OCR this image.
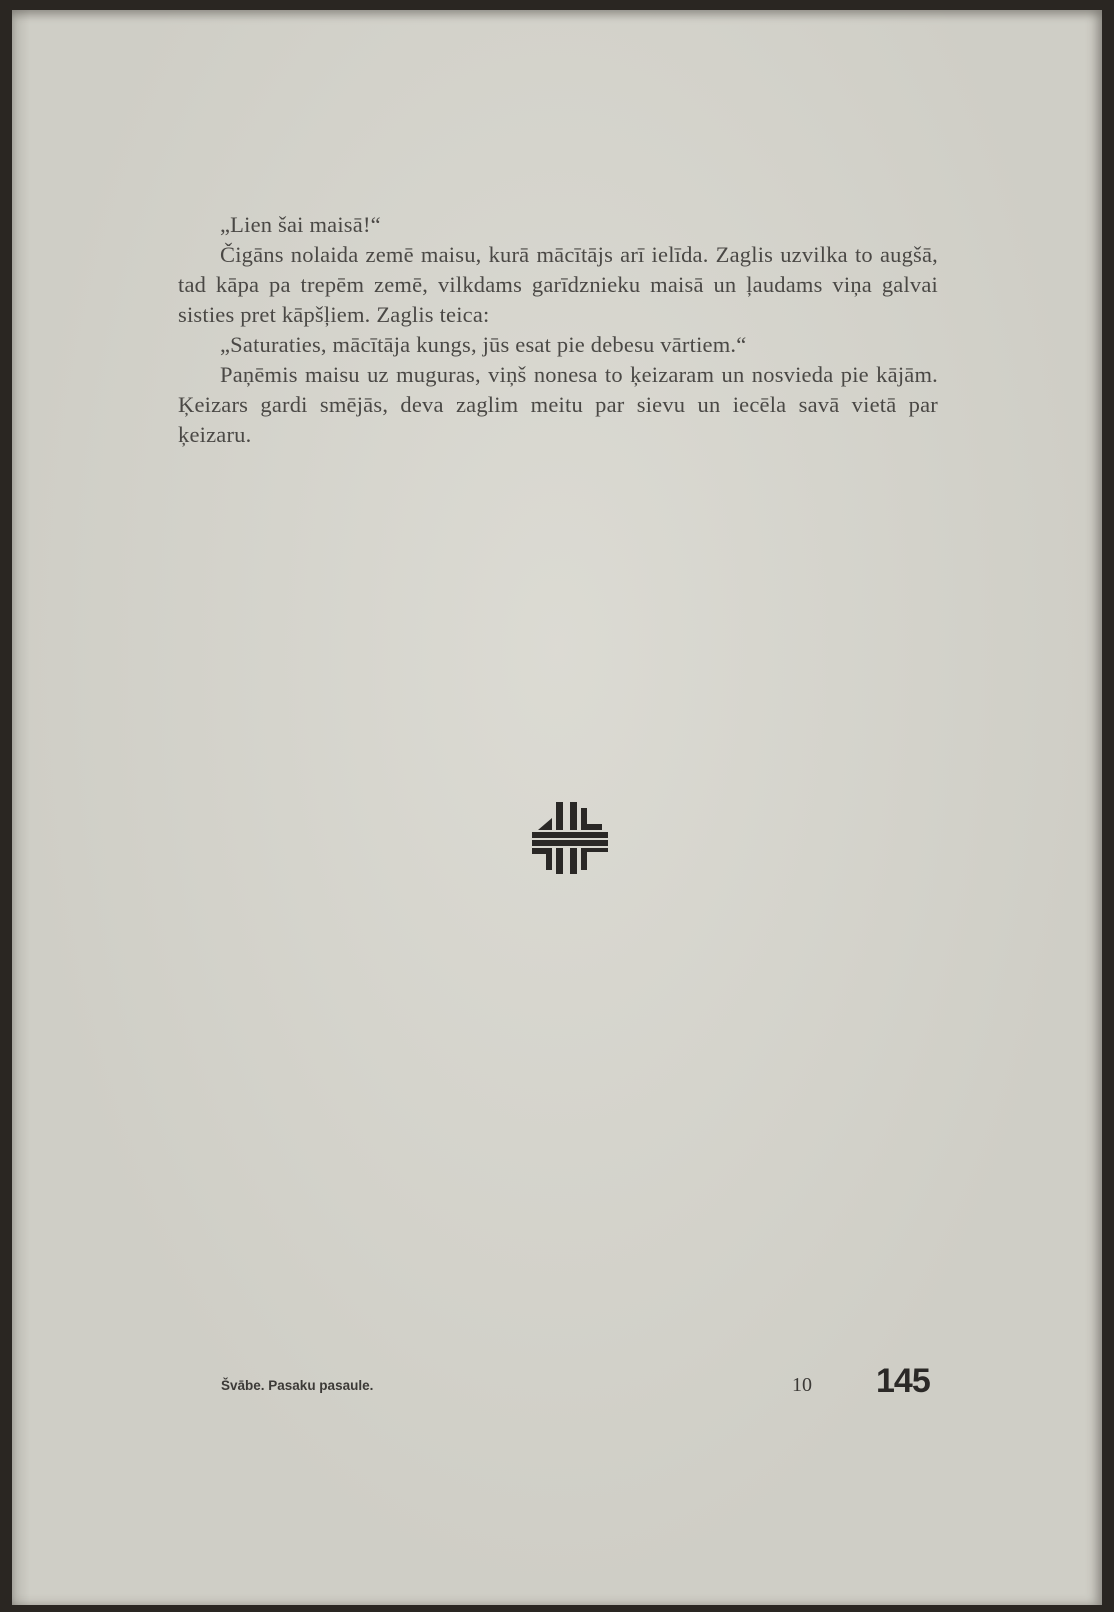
„Lien šai maisā!“

Čigāns nolaida zemē maisu, kurā mācītājs arī ielīda. Zaglis uzvilka to augšā, tad kāpa pa trepēm zemē, vilkdams garīdznieku maisā un ļaudams viņa galvai sisties pret kāpšļiem. Zaglis teica:

„Saturaties, mācītāja kungs, jūs esat pie debesu vārtiem.“

Paņēmis maisu uz muguras, viņš nonesa to ķeizaram un nosvieda pie kājām. Ķeizars gardi smējās, deva zaglim meitu par sievu un iecēla savā vietā par ķeizaru.

Švābe. Pasaku pasaule.	10 145
